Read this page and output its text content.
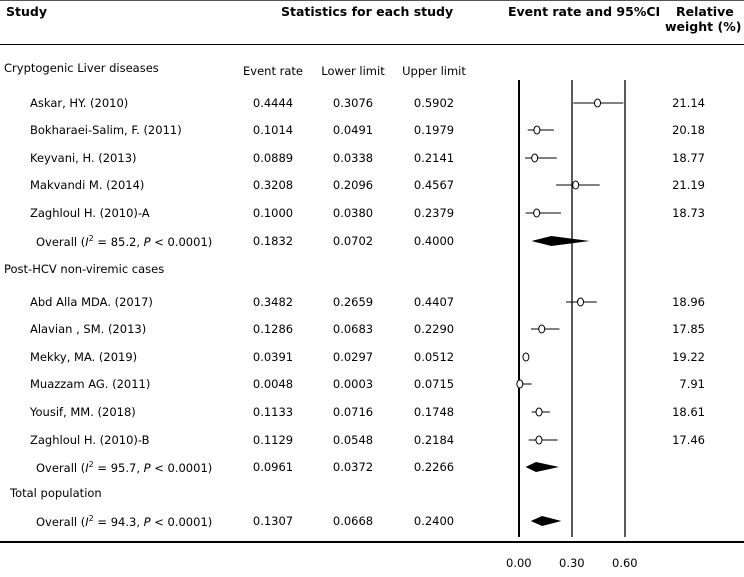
Study	Statistics for each study	Event rate and 95%CI Relative
weight (%)
Event rate	Lower limit	Upper limit
Cryptogenic Liver diseases
Askar, HY. (2010)	0.4444	0.3076	0.5902	21.14
Bokharaei-Salim, F. (2011)	0.1014	0.0491	0.1979	20.18
Keyvani, H. (2013)	0.0889	0.0338	0.2141	18.77
Makvandi M. (2014)	0.3208	0.2096	0.4567	21.19
Zaghloul H. (2010)-A	0.1000	0.0380	0.2379	18.73
Overall ($I^2 = 85.2$, P < 0.0001)	0.1832	0.0702	0.4000
Post-HCV non-viremic cases
Abd Alla MDA. (2017)	0.3482	0.2659	0.4407	18.96
Alavian , SM. (2013)	0.1286	0.0683	0.2290	17.85
Mekky, MA. (2019)	0.0391	0.0297	0.0512	19.22
Muazzam AG. (2011)	0.0048	0.0003	0.0715	7.91
Yousif, MM. (2018)	0.1133	0.0716	0.1748	18.61
Zaghloul H. (2010)-B	0.1129	0.0548	0.2184	17.46
Overall ($I^2 = 95.7$, P < 0.0001)	0.0961	0.0372	0.2266
Total population
Overall ($I^2 = 94.3$, P < 0.0001)	0.1307	0.0668	0.2400
0.00 0.30 0.60
